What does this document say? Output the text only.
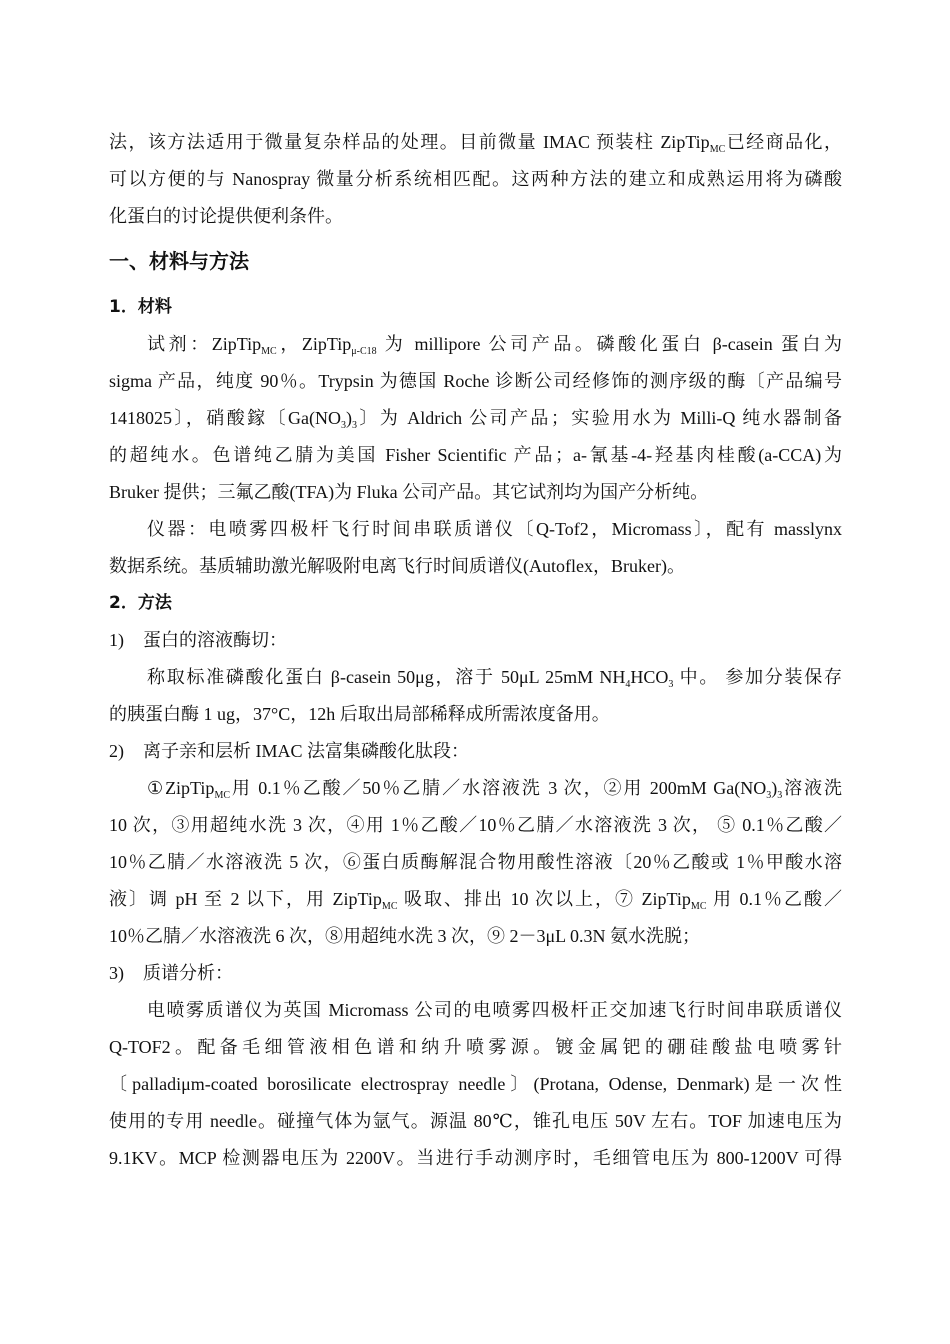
法，该方法适用于微量复杂样品的处理。目前微量 IMAC 预装柱 ZipTip$_{MC}$已经商品化，
可以方便的与 Nanospray 微量分析系统相匹配。这两种方法的建立和成熟运用将为磷酸
化蛋白的讨论提供便利条件。
一、材料与方法
1．材料
试剂：ZipTip$_{MC}$，ZipTip$_{\mu-C18}$ 为 millipore 公司产品。磷酸化蛋白 β-casein 蛋白为
sigma 产品，纯度 90％。Trypsin 为德国 Roche 诊断公司经修饰的测序级的酶〔产品编号
1418025〕，硝酸鎵〔$Ga(NO_3)_3$〕为 Aldrich 公司产品；实验用水为 Milli-Q 纯水器制备
的超纯水。色谱纯乙腈为美国 Fisher Scientific 产品；a-氰基-4-羟基肉桂酸(a-CCA)为
Bruker 提供；三氟乙酸(TFA)为 Fluka 公司产品。其它试剂均为国产分析纯。
仪器：电喷雾四极杆飞行时间串联质谱仪〔Q-Tof2，Micromass〕，配有 masslynx
数据系统。基质辅助激光解吸附电离飞行时间质谱仪(Autoflex，Bruker)。
2．方法
1) 蛋白的溶液酶切：
称取标准磷酸化蛋白 β-casein 50μg，溶于 50μL 25mM $NH_4HCO_3$ 中。 参加分装保存
的胰蛋白酶 1 ug，37°C，12h 后取出局部稀释成所需浓度备用。
2) 离子亲和层析 IMAC 法富集磷酸化肽段：
①ZipTip$_{MC}$用 0.1％乙酸／50％乙腈／水溶液洗 3 次，②用 200mM $Ga(NO_3)_3$溶液洗
10 次，③用超纯水洗 3 次，④用 1％乙酸／10％乙腈／水溶液洗 3 次， ⑤ 0.1％乙酸／
10％乙腈／水溶液洗 5 次，⑥蛋白质酶解混合物用酸性溶液〔20％乙酸或 1％甲酸水溶
液〕调 pH 至 2 以下，用 ZipTip$_{MC}$ 吸取、排出 10 次以上，⑦ ZipTip$_{MC}$ 用 0.1％乙酸／
10％乙腈／水溶液洗 6 次，⑧用超纯水洗 3 次，⑨ 2－3μL 0.3N 氨水洗脱；
3) 质谱分析：
电喷雾质谱仪为英国 Micromass 公司的电喷雾四极杆正交加速飞行时间串联质谱仪
Q-TOF2。配备毛细管液相色谱和纳升喷雾源。镀金属钯的硼硅酸盐电喷雾针
〔palladiμm-coated borosilicate electrospray needle〕(Protana, Odense, Denmark)是一次性
使用的专用 needle。碰撞气体为氩气。源温 80℃，锥孔电压 50V 左右。TOF 加速电压为
9.1KV。MCP 检测器电压为 2200V。当进行手动测序时，毛细管电压为 800-1200V 可得
